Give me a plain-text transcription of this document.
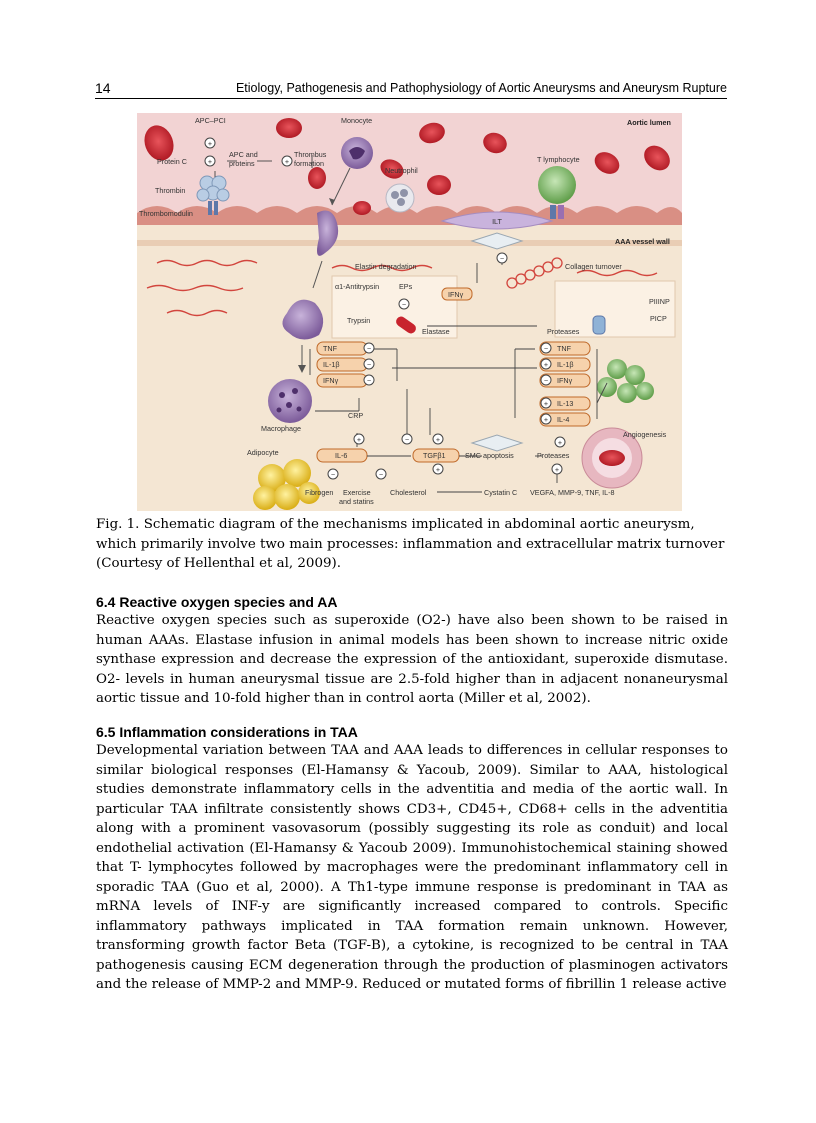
14	Etiology, Pathogenesis and Pathophysiology of Aortic Aneurysms and Aneurysm Rupture
ILT
+	+
+
−
−
−
−
+
−
+
+
+	−	+
−	−
+	+
+
−
−
APC–PCI	Monocyte	Aortic lumen
Protein C
APC and
proteins
Thrombus
formation
Neutrophil
T lymphocyte
Thrombin
Thrombomodulin
AAA vessel wall
Elastin degradation	Collagen turnover
α1-Antitrypsin	EPs
IFNγ
PIIINP
PICP
Trypsin
Elastase	Proteases
TNF
IL-1β
IFNγ
TNF
IL-1β
IFNγ
IL-13
IL-4
CRP
Macrophage
Angiogenesis
Adipocyte	IL-6	TGFβ1	SMC apoptosis	Proteases
Fibrogen Exercise
and statins
Cholesterol	Cystatin C VEGFA, MMP-9, TNF, IL-8
Fig. 1. Schematic diagram of the mechanisms implicated in abdominal aortic aneurysm, which primarily involve two main processes: inflammation and extracellular matrix turnover (Courtesy of Hellenthal et al, 2009).
6.4 Reactive oxygen species and AA

Reactive oxygen species such as superoxide (O2-) have also been shown to be raised in human AAAs. Elastase infusion in animal models has been shown to increase nitric oxide synthase expression and decrease the expression of the antioxidant, superoxide dismutase. O2- levels in human aneurysmal tissue are 2.5-fold higher than in adjacent nonaneurysmal aortic tissue and 10-fold higher than in control aorta (Miller et al, 2002).

6.5 Inflammation considerations in TAA

Developmental variation between TAA and AAA leads to differences in cellular responses to similar biological responses (El-Hamansy & Yacoub, 2009). Similar to AAA, histological studies demonstrate inflammatory cells in the adventitia and media of the aortic wall. In particular TAA infiltrate consistently shows CD3+, CD45+, CD68+ cells in the adventitia along with a prominent vasovasorum (possibly suggesting its role as conduit) and local endothelial activation (El-Hamansy & Yacoub 2009). Immunohistochemical staining showed that T- lymphocytes followed by macrophages were the predominant inflammatory cell in sporadic TAA (Guo et al, 2000). A Th1-type immune response is predominant in TAA as mRNA levels of INF-y are significantly increased compared to controls. Specific inflammatory pathways implicated in TAA formation remain unknown. However, transforming growth factor Beta (TGF-B), a cytokine, is recognized to be central in TAA pathogenesis causing ECM degeneration through the production of plasminogen activators and the release of MMP-2 and MMP-9. Reduced or mutated forms of fibrillin 1 release active
